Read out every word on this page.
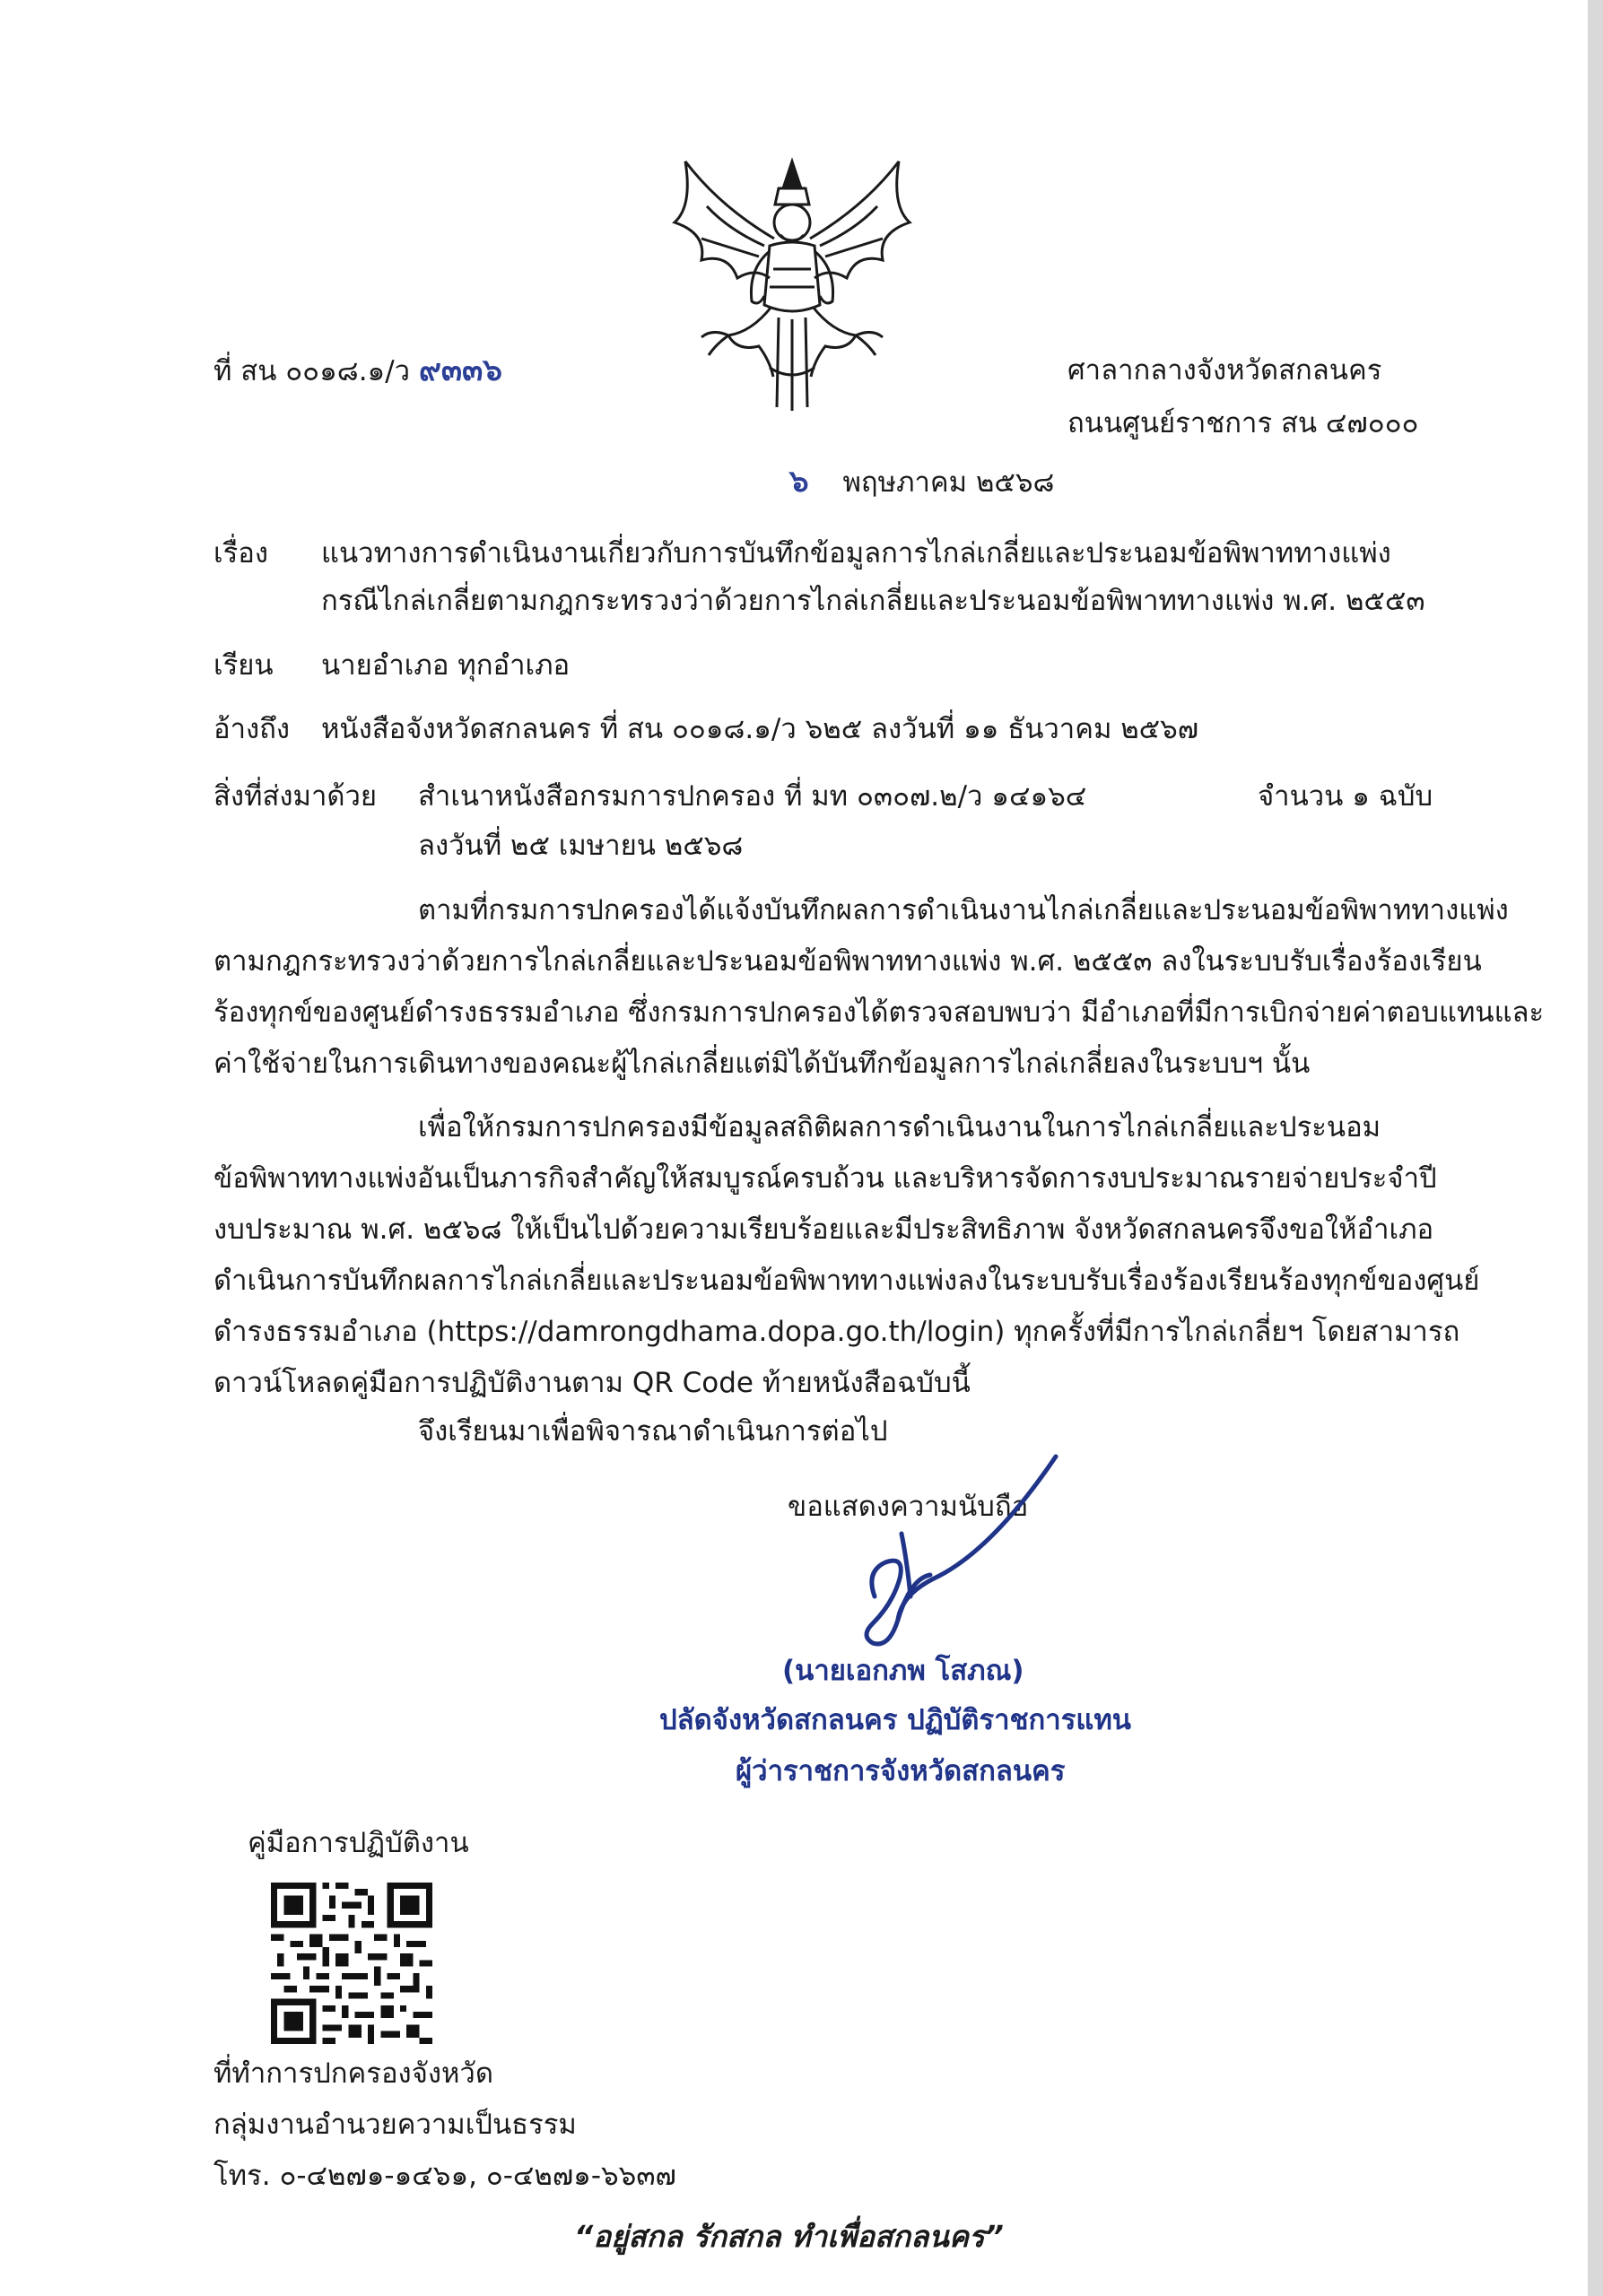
ที่ สน ๐๐๑๘.๑/ว ๙๓๓๖	ศาลากลางจังหวัดสกลนคร
ถนนศูนย์ราชการ สน ๔๗๐๐๐
๖ พฤษภาคม ๒๕๖๘
เรื่อง แนวทางการดำเนินงานเกี่ยวกับการบันทึกข้อมูลการไกล่เกลี่ยและประนอมข้อพิพาททางแพ่ง
กรณีไกล่เกลี่ยตามกฎกระทรวงว่าด้วยการไกล่เกลี่ยและประนอมข้อพิพาททางแพ่ง พ.ศ. ๒๕๕๓
เรียน นายอำเภอ ทุกอำเภอ
อ้างถึง หนังสือจังหวัดสกลนคร ที่ สน ๐๐๑๘.๑/ว ๖๒๕ ลงวันที่ ๑๑ ธันวาคม ๒๕๖๗
สิ่งที่ส่งมาด้วย สำเนาหนังสือกรมการปกครอง ที่ มท ๐๓๐๗.๒/ว ๑๔๑๖๔	จำนวน ๑ ฉบับ
ลงวันที่ ๒๕ เมษายน ๒๕๖๘
ตามที่กรมการปกครองได้แจ้งบันทึกผลการดำเนินงานไกล่เกลี่ยและประนอมข้อพิพาททางแพ่ง
ตามกฎกระทรวงว่าด้วยการไกล่เกลี่ยและประนอมข้อพิพาททางแพ่ง พ.ศ. ๒๕๕๓ ลงในระบบรับเรื่องร้องเรียน
ร้องทุกข์ของศูนย์ดำรงธรรมอำเภอ ซึ่งกรมการปกครองได้ตรวจสอบพบว่า มีอำเภอที่มีการเบิกจ่ายค่าตอบแทนและ
ค่าใช้จ่ายในการเดินทางของคณะผู้ไกล่เกลี่ยแต่มิได้บันทึกข้อมูลการไกล่เกลี่ยลงในระบบฯ นั้น
เพื่อให้กรมการปกครองมีข้อมูลสถิติผลการดำเนินงานในการไกล่เกลี่ยและประนอม
ข้อพิพาททางแพ่งอันเป็นภารกิจสำคัญให้สมบูรณ์ครบถ้วน และบริหารจัดการงบประมาณรายจ่ายประจำปี
งบประมาณ พ.ศ. ๒๕๖๘ ให้เป็นไปด้วยความเรียบร้อยและมีประสิทธิภาพ จังหวัดสกลนครจึงขอให้อำเภอ
ดำเนินการบันทึกผลการไกล่เกลี่ยและประนอมข้อพิพาททางแพ่งลงในระบบรับเรื่องร้องเรียนร้องทุกข์ของศูนย์
ดำรงธรรมอำเภอ (https://damrongdhama.dopa.go.th/login) ทุกครั้งที่มีการไกล่เกลี่ยฯ โดยสามารถ
ดาวน์โหลดคู่มือการปฏิบัติงานตาม QR Code ท้ายหนังสือฉบับนี้
จึงเรียนมาเพื่อพิจารณาดำเนินการต่อไป
ขอแสดงความนับถือ
(นายเอกภพ โสภณ)
ปลัดจังหวัดสกลนคร ปฏิบัติราชการแทน
ผู้ว่าราชการจังหวัดสกลนคร
คู่มือการปฏิบัติงาน
ที่ทำการปกครองจังหวัด
กลุ่มงานอำนวยความเป็นธรรม
โทร. ๐-๔๒๗๑-๑๔๖๑, ๐-๔๒๗๑-๖๖๓๗
“อยู่สกล รักสกล ทำเพื่อสกลนคร”
